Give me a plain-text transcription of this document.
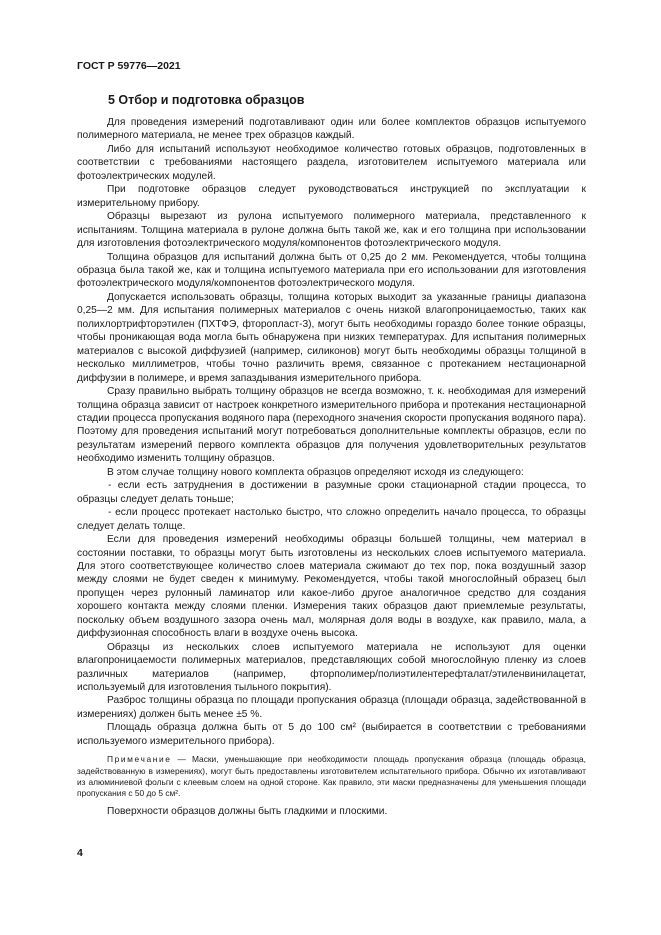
ГОСТ Р 59776—2021
5 Отбор и подготовка образцов

Для проведения измерений подготавливают один или более комплектов образцов испытуемого полимерного материала, не менее трех образцов каждый.

Либо для испытаний используют необходимое количество готовых образцов, подготовленных в соответствии с требованиями настоящего раздела, изготовителем испытуемого материала или фотоэлектрических модулей.

При подготовке образцов следует руководствоваться инструкцией по эксплуатации к измерительному прибору.

Образцы вырезают из рулона испытуемого полимерного материала, представленного к испытаниям. Толщина материала в рулоне должна быть такой же, как и его толщина при использовании для изготовления фотоэлектрического модуля/компонентов фотоэлектрического модуля.

Толщина образцов для испытаний должна быть от 0,25 до 2 мм. Рекомендуется, чтобы толщина образца была такой же, как и толщина испытуемого материала при его использовании для изготовления фотоэлектрического модуля/компонентов фотоэлектрического модуля.

Допускается использовать образцы, толщина которых выходит за указанные границы диапазона 0,25—2 мм. Для испытания полимерных материалов с очень низкой влагопроницаемостью, таких как полихлортрифторэтилен (ПХТФЭ, фторопласт-3), могут быть необходимы гораздо более тонкие образцы, чтобы проникающая вода могла быть обнаружена при низких температурах. Для испытания полимерных материалов с высокой диффузией (например, силиконов) могут быть необходимы образцы толщиной в несколько миллиметров, чтобы точно различить время, связанное с протеканием нестационарной диффузии в полимере, и время запаздывания измерительного прибора.

Сразу правильно выбрать толщину образцов не всегда возможно, т. к. необходимая для измерений толщина образца зависит от настроек конкретного измерительного прибора и протекания нестационарной стадии процесса пропускания водяного пара (переходного значения скорости пропускания водяного пара). Поэтому для проведения испытаний могут потребоваться дополнительные комплекты образцов, если по результатам измерений первого комплекта образцов для получения удовлетворительных результатов необходимо изменить толщину образцов.

В этом случае толщину нового комплекта образцов определяют исходя из следующего:

- если есть затруднения в достижении в разумные сроки стационарной стадии процесса, то образцы следует делать тоньше;

- если процесс протекает настолько быстро, что сложно определить начало процесса, то образцы следует делать толще.

Если для проведения измерений необходимы образцы большей толщины, чем материал в состоянии поставки, то образцы могут быть изготовлены из нескольких слоев испытуемого материала. Для этого соответствующее количество слоев материала сжимают до тех пор, пока воздушный зазор между слоями не будет сведен к минимуму. Рекомендуется, чтобы такой многослойный образец был пропущен через рулонный ламинатор или какое-либо другое аналогичное средство для создания хорошего контакта между слоями пленки. Измерения таких образцов дают приемлемые результаты, поскольку объем воздушного зазора очень мал, молярная доля воды в воздухе, как правило, мала, а диффузионная способность влаги в воздухе очень высока.

Образцы из нескольких слоев испытуемого материала не используют для оценки влагопроницаемости полимерных материалов, представляющих собой многослойную пленку из слоев различных материалов (например, фторполимер/полиэтилентерефталат/этиленвинилацетат, используемый для изготовления тыльного покрытия).

Разброс толщины образца по площади пропускания образца (площади образца, задействованной в измерениях) должен быть менее ±5 %.

Площадь образца должна быть от 5 до 100 см² (выбирается в соответствии с требованиями используемого измерительного прибора).

Примечание — Маски, уменьшающие при необходимости площадь пропускания образца (площадь образца, задействованную в измерениях), могут быть предоставлены изготовителем испытательного прибора. Обычно их изготавливают из алюминиевой фольги с клеевым слоем на одной стороне. Как правило, эти маски предназначены для уменьшения площади пропускания с 50 до 5 см².

Поверхности образцов должны быть гладкими и плоскими.

4
